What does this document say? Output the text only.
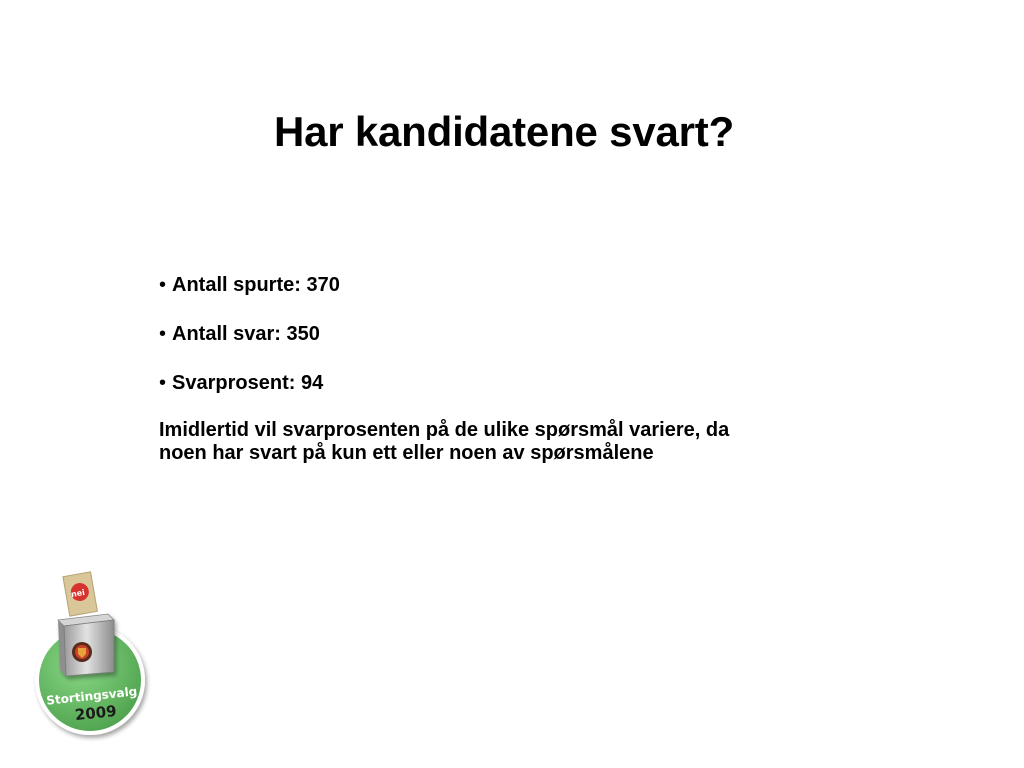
Har kandidatene svart?
• Antall spurte: 370
• Antall svar: 350
• Svarprosent: 94
Imidlertid vil svarprosenten på de ulike spørsmål variere, da
noen har svart på kun ett eller noen av spørsmålene
nei
Stortingsvalg
2009
